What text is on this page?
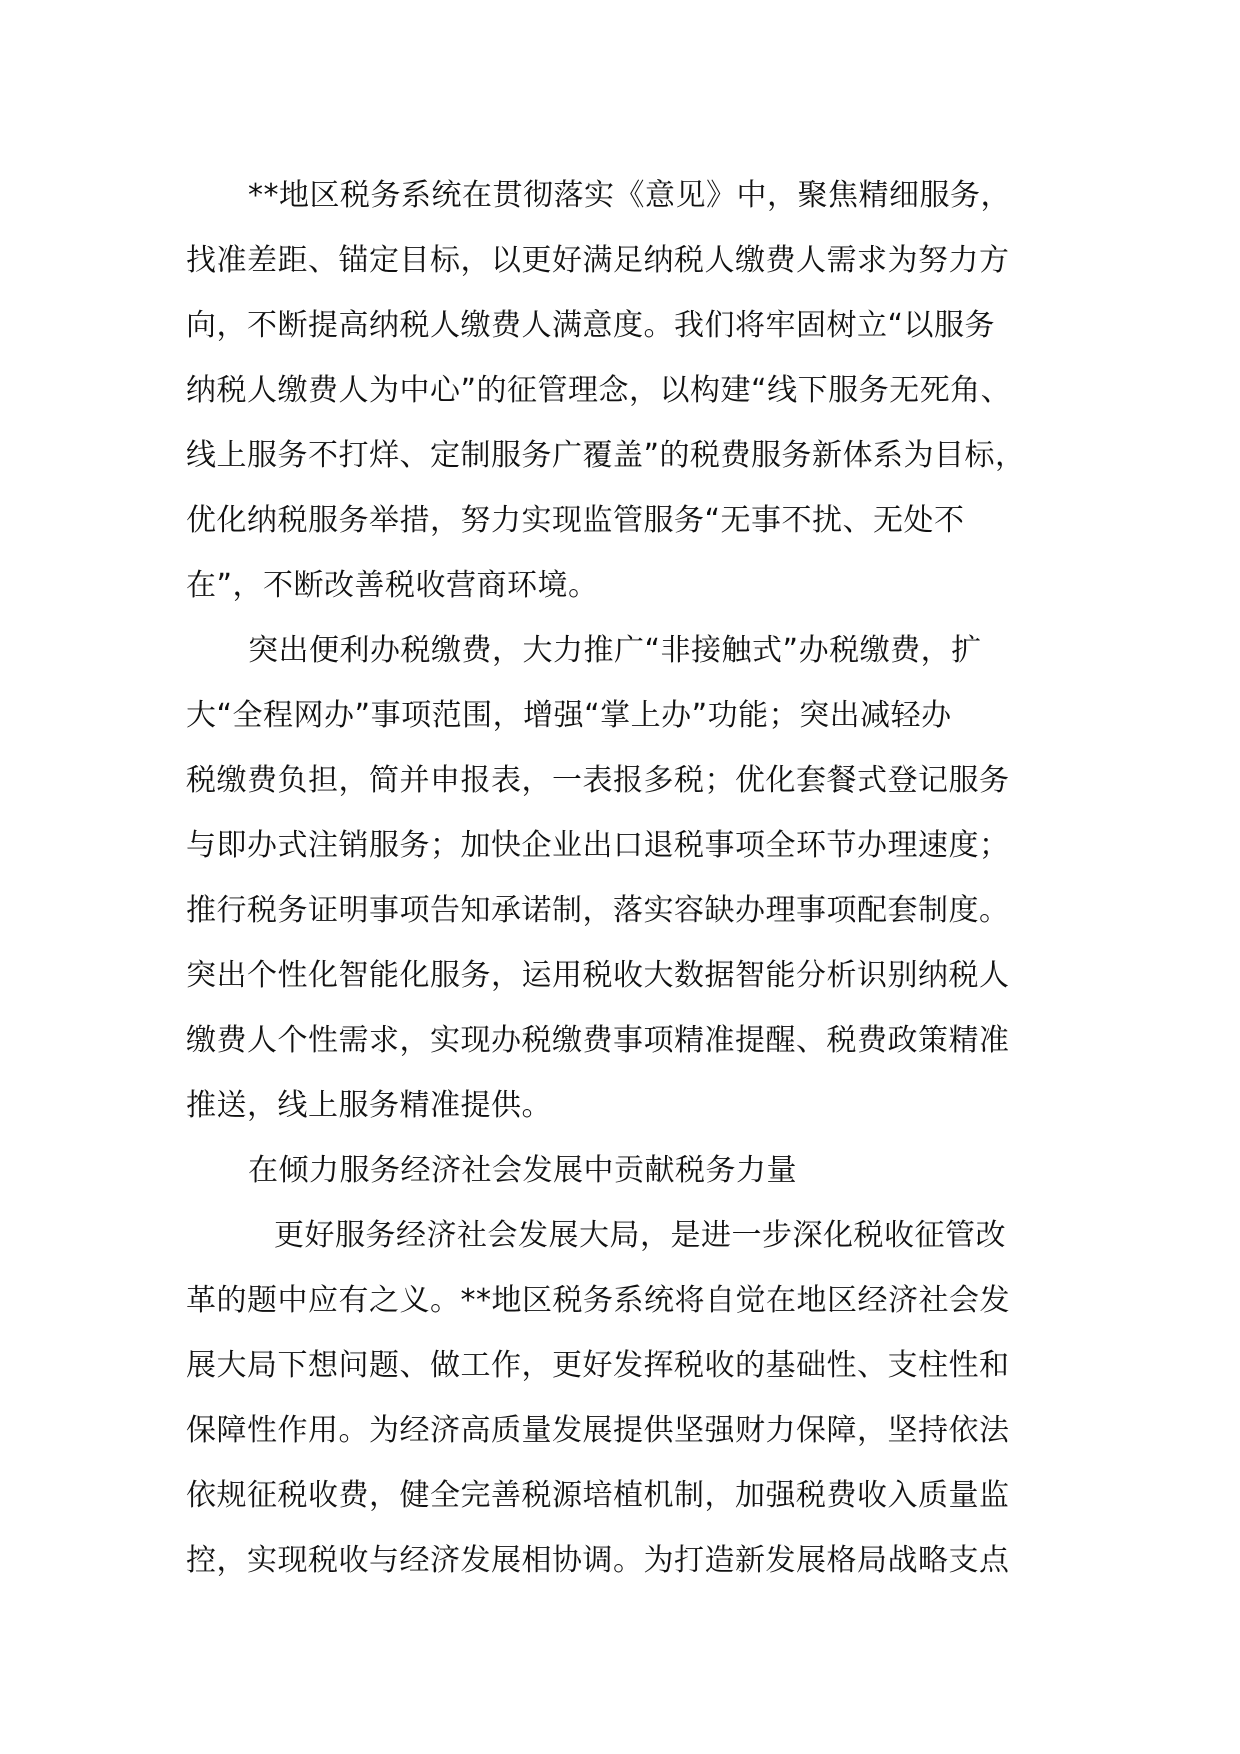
**地区税务系统在贯彻落实《意见》中，聚焦精细服务，
找准差距、锚定目标，以更好满足纳税人缴费人需求为努力方
向，不断提高纳税人缴费人满意度。我们将牢固树立“以服务
纳税人缴费人为中心”的征管理念，以构建“线下服务无死角、
线上服务不打烊、定制服务广覆盖”的税费服务新体系为目标，
优化纳税服务举措，努力实现监管服务“无事不扰、无处不
在”，不断改善税收营商环境。
突出便利办税缴费，大力推广“非接触式”办税缴费，扩
大“全程网办”事项范围，增强“掌上办”功能；突出减轻办
税缴费负担，简并申报表，一表报多税；优化套餐式登记服务
与即办式注销服务；加快企业出口退税事项全环节办理速度；
推行税务证明事项告知承诺制，落实容缺办理事项配套制度。
突出个性化智能化服务，运用税收大数据智能分析识别纳税人
缴费人个性需求，实现办税缴费事项精准提醒、税费政策精准
推送，线上服务精准提供。
在倾力服务经济社会发展中贡献税务力量
更好服务经济社会发展大局，是进一步深化税收征管改
革的题中应有之义。**地区税务系统将自觉在地区经济社会发
展大局下想问题、做工作，更好发挥税收的基础性、支柱性和
保障性作用。为经济高质量发展提供坚强财力保障，坚持依法
依规征税收费，健全完善税源培植机制，加强税费收入质量监
控，实现税收与经济发展相协调。为打造新发展格局战略支点
